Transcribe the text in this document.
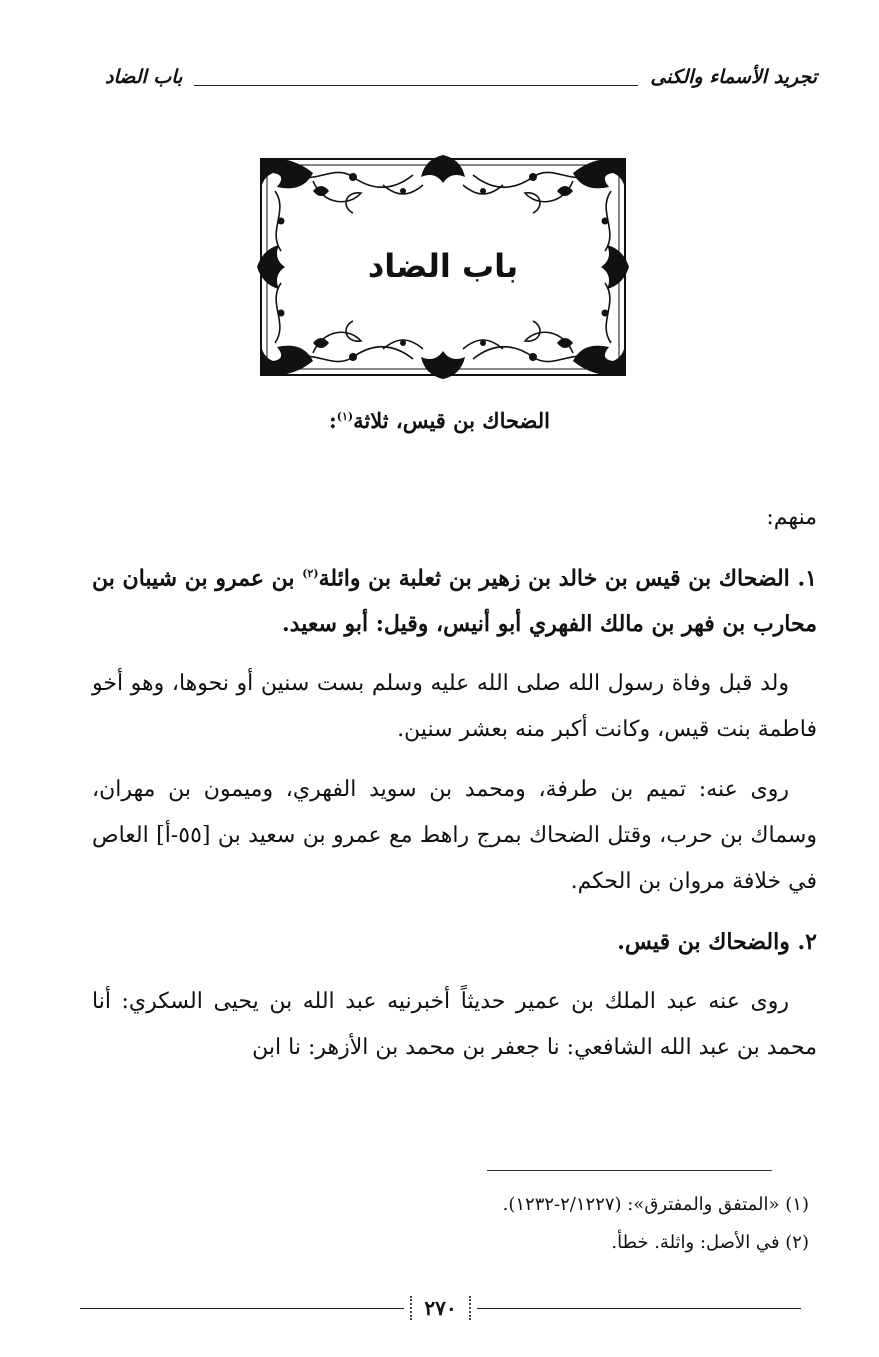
تجريد الأسماء والكنى
باب الضاد
باب الضاد
الضحاك بن قيس، ثلاثة$^{(١)}$:

منهم:

١. الضحاك بن قيس بن خالد بن زهير بن ثعلبة بن وائلة$^{(٢)}$ بن عمرو بن شيبان بن محارب بن فهر بن مالك الفهري أبو أنيس، وقيل: أبو سعيد.

ولد قبل وفاة رسول الله صلى الله عليه وسلم بست سنين أو نحوها، وهو أخو فاطمة بنت قيس، وكانت أكبر منه بعشر سنين.

روى عنه: تميم بن طرفة، ومحمد بن سويد الفهري، وميمون بن مهران، وسماك بن حرب، وقتل الضحاك بمرج راهط مع عمرو بن سعيد بن [٥٥-أ] العاص في خلافة مروان بن الحكم.

٢. والضحاك بن قيس.

روى عنه عبد الملك بن عمير حديثاً أخبرنيه عبد الله بن يحيى السكري: أنا محمد بن عبد الله الشافعي: نا جعفر بن محمد بن الأزهر: نا ابن

(١) «المتفق والمفترق»: (٢/١٢٢٧-١٢٣٢).
(٢) في الأصل: واثلة. خطأ.
٢٧٠
